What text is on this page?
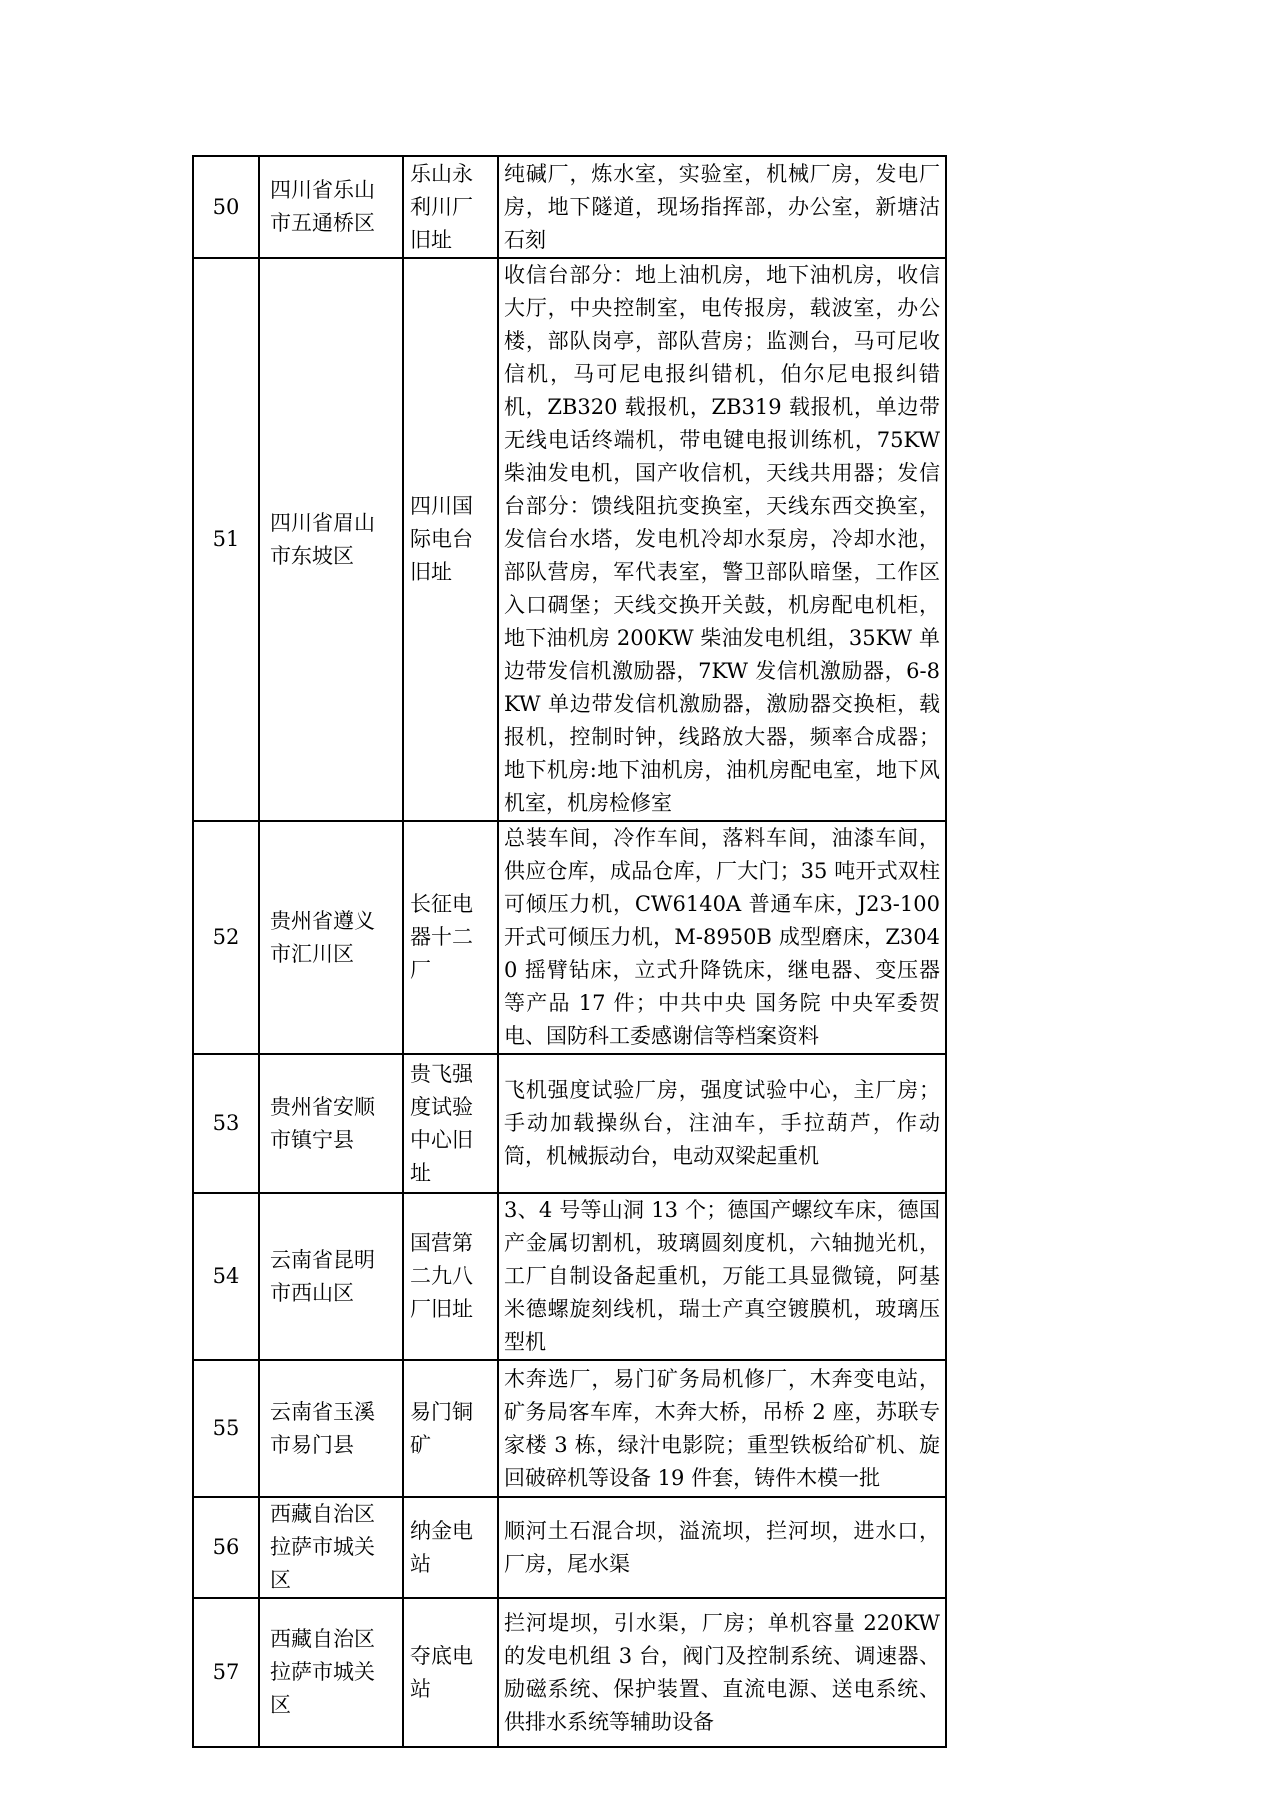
50	四川省乐山市五通桥区	乐山永利川厂旧址	纯碱厂，炼水室，实验室，机械厂房，发电厂房，地下隧道，现场指挥部，办公室，新塘沽石刻
51	四川省眉山市东坡区	四川国际电台旧址	收信台部分：地上油机房，地下油机房，收信大厅，中央控制室，电传报房，载波室，办公楼，部队岗亭，部队营房；监测台，马可尼收信机，马可尼电报纠错机，伯尔尼电报纠错机，ZB320 载报机，ZB319 载报机，单边带无线电话终端机，带电键电报训练机，75KW 柴油发电机，国产收信机，天线共用器；发信台部分：馈线阻抗变换室，天线东西交换室，发信台水塔，发电机冷却水泵房，冷却水池，部队营房，军代表室，警卫部队暗堡，工作区入口碉堡；天线交换开关鼓，机房配电机柜，地下油机房 200KW 柴油发电机组，35KW 单边带发信机激励器，7KW 发信机激励器，6-8KW 单边带发信机激励器，激励器交换柜，载报机，控制时钟，线路放大器，频率合成器；地下机房:地下油机房，油机房配电室，地下风机室，机房检修室
52	贵州省遵义市汇川区	长征电器十二厂	总装车间，冷作车间，落料车间，油漆车间，供应仓库，成品仓库，厂大门；35 吨开式双柱可倾压力机，CW6140A 普通车床，J23-100 开式可倾压力机，M-8950B 成型磨床，Z3040 摇臂钻床，立式升降铣床，继电器、变压器等产品 17 件；中共中央 国务院 中央军委贺电、国防科工委感谢信等档案资料
53	贵州省安顺市镇宁县	贵飞强度试验中心旧址	飞机强度试验厂房，强度试验中心，主厂房；手动加载操纵台，注油车，手拉葫芦，作动筒，机械振动台，电动双梁起重机
54	云南省昆明市西山区	国营第二九八厂旧址	3、4 号等山洞 13 个；德国产螺纹车床，德国产金属切割机，玻璃圆刻度机，六轴抛光机，工厂自制设备起重机，万能工具显微镜，阿基米德螺旋刻线机，瑞士产真空镀膜机，玻璃压型机
55	云南省玉溪市易门县	易门铜矿	木奔选厂，易门矿务局机修厂，木奔变电站，矿务局客车库，木奔大桥，吊桥 2 座，苏联专家楼 3 栋，绿汁电影院；重型铁板给矿机、旋回破碎机等设备 19 件套，铸件木模一批
56	西藏自治区拉萨市城关区	纳金电站	顺河土石混合坝，溢流坝，拦河坝，进水口，厂房，尾水渠
57	西藏自治区拉萨市城关区	夺底电站	拦河堤坝，引水渠，厂房；单机容量 220KW 的发电机组 3 台，阀门及控制系统、调速器、励磁系统、保护装置、直流电源、送电系统、供排水系统等辅助设备
